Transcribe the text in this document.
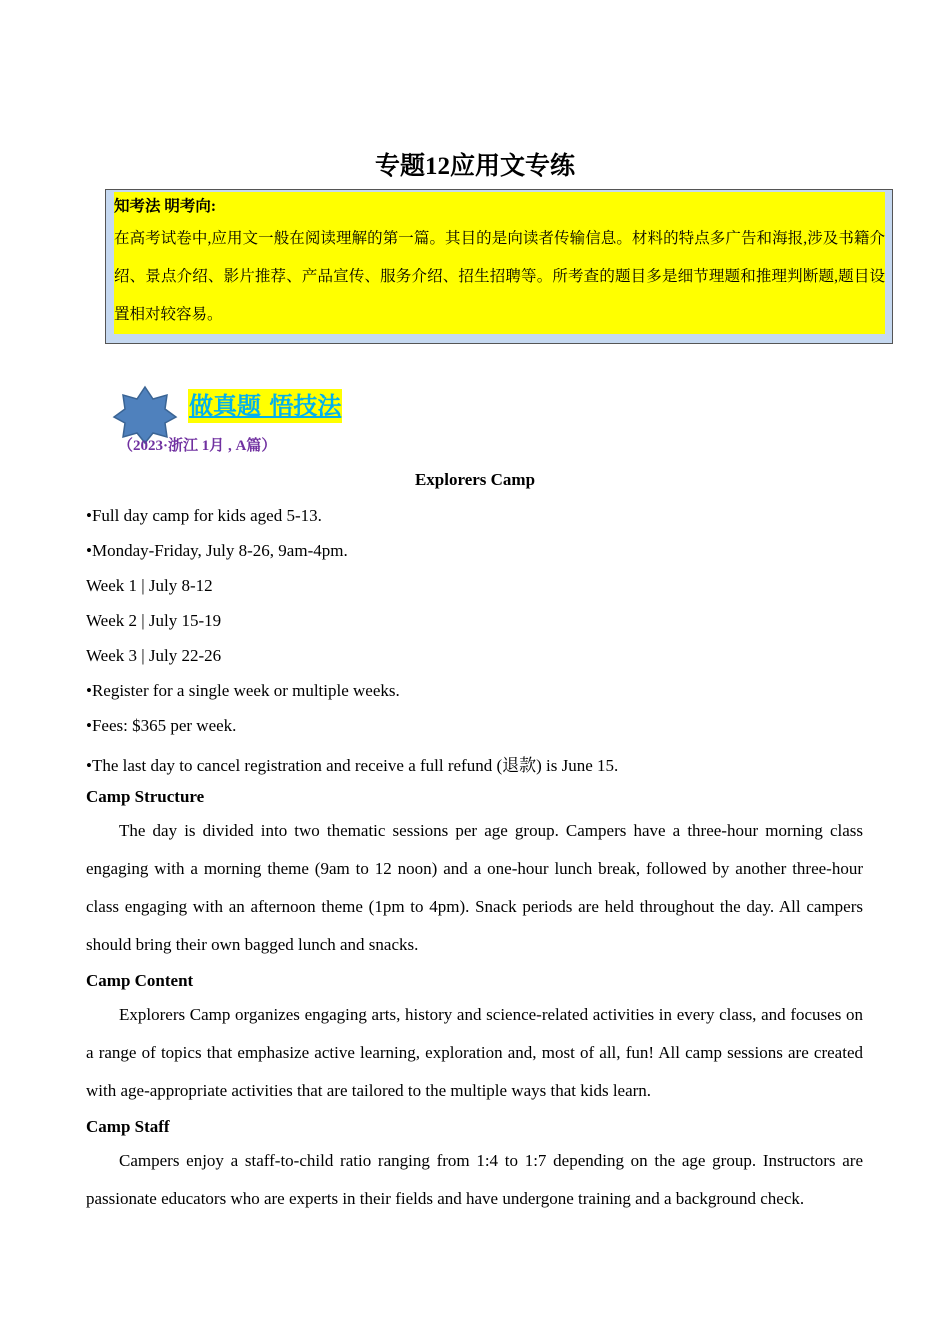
专题12应用文专练
知考法 明考向:
在高考试卷中,应用文一般在阅读理解的第一篇。其目的是向读者传输信息。材料的特点多广告和海报,涉及书籍介绍、景点介绍、影片推荐、产品宣传、服务介绍、招生招聘等。所考查的题目多是细节理题和推理判断题,题目设置相对较容易。
做真题 悟技法
（2023·浙江 1月 , A篇）
Explorers Camp
•Full day camp for kids aged 5-13.
•Monday-Friday, July 8-26, 9am-4pm.
Week 1 | July 8-12
Week 2 | July 15-19
Week 3 | July 22-26
•Register for a single week or multiple weeks.
•Fees: $365 per week.
•The last day to cancel registration and receive a full refund (退款) is June 15.
Camp Structure
The day is divided into two thematic sessions per age group. Campers have a three-hour morning class engaging with a morning theme (9am to 12 noon) and a one-hour lunch break, followed by another three-hour class engaging with an afternoon theme (1pm to 4pm). Snack periods are held throughout the day. All campers should bring their own bagged lunch and snacks.
Camp Content
Explorers Camp organizes engaging arts, history and science-related activities in every class, and focuses on a range of topics that emphasize active learning, exploration and, most of all, fun! All camp sessions are created with age-appropriate activities that are tailored to the multiple ways that kids learn.
Camp Staff
Campers enjoy a staff-to-child ratio ranging from 1:4 to 1:7 depending on the age group. Instructors are passionate educators who are experts in their fields and have undergone training and a background check.
